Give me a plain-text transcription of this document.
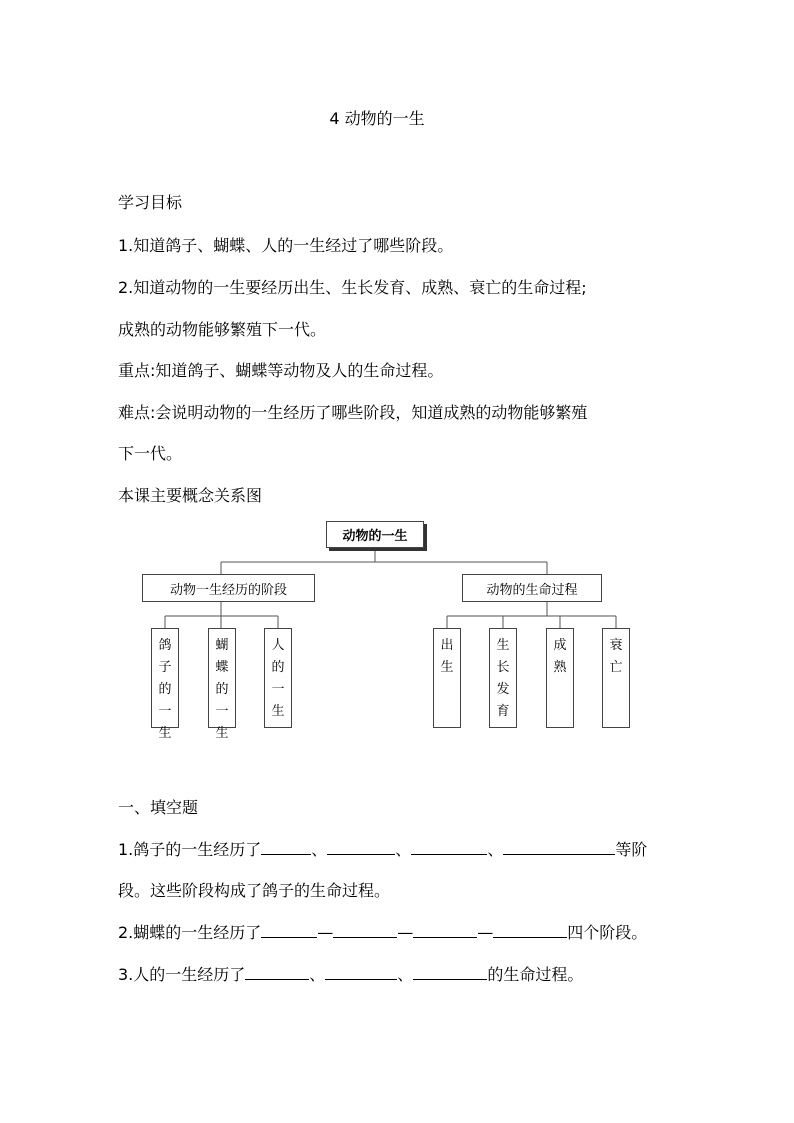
4 动物的一生
学习目标
1.知道鸽子、蝴蝶、人的一生经过了哪些阶段。
2.知道动物的一生要经历出生、生长发育、成熟、衰亡的生命过程;
成熟的动物能够繁殖下一代。
重点:知道鸽子、蝴蝶等动物及人的生命过程。
难点:会说明动物的一生经历了哪些阶段，知道成熟的动物能够繁殖
下一代。
本课主要概念关系图
动物的一生
动物一生经历的阶段	动物的生命过程
鸽
子
的
一
生
蝴
蝶
的
一
生
人
的
一
生
出
生
生
长
发
育
成
熟
衰
亡
一、填空题
1.鸽子的一生经历了	、	、	、	等阶
段。这些阶段构成了鸽子的生命过程。
2.蝴蝶的一生经历了	—	—	—	四个阶段。
3.人的一生经历了	、	、	的生命过程。
